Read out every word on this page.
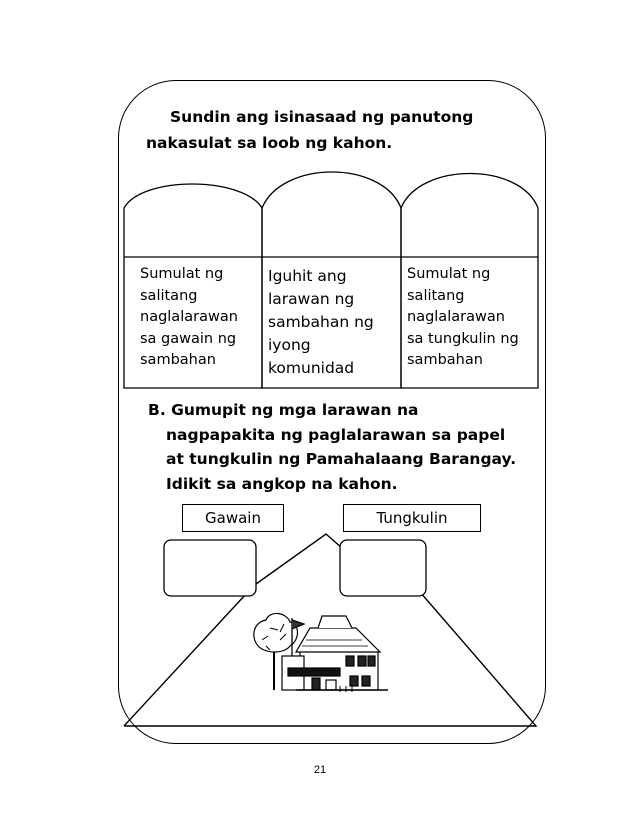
Sundin ang isinasaad ng panutong
nakasulat sa loob ng kahon.
Sumulat ng
salitang
naglalarawan
sa gawain ng
sambahan
Iguhit ang
larawan ng
sambahan ng
iyong
komunidad
Sumulat ng
salitang
naglalarawan
sa tungkulin ng
sambahan
B. Gumupit ng mga larawan na
nagpapakita ng paglalarawan sa papel
at tungkulin ng Pamahalaang Barangay.
Idikit sa angkop na kahon.
Gawain	Tungkulin
21
